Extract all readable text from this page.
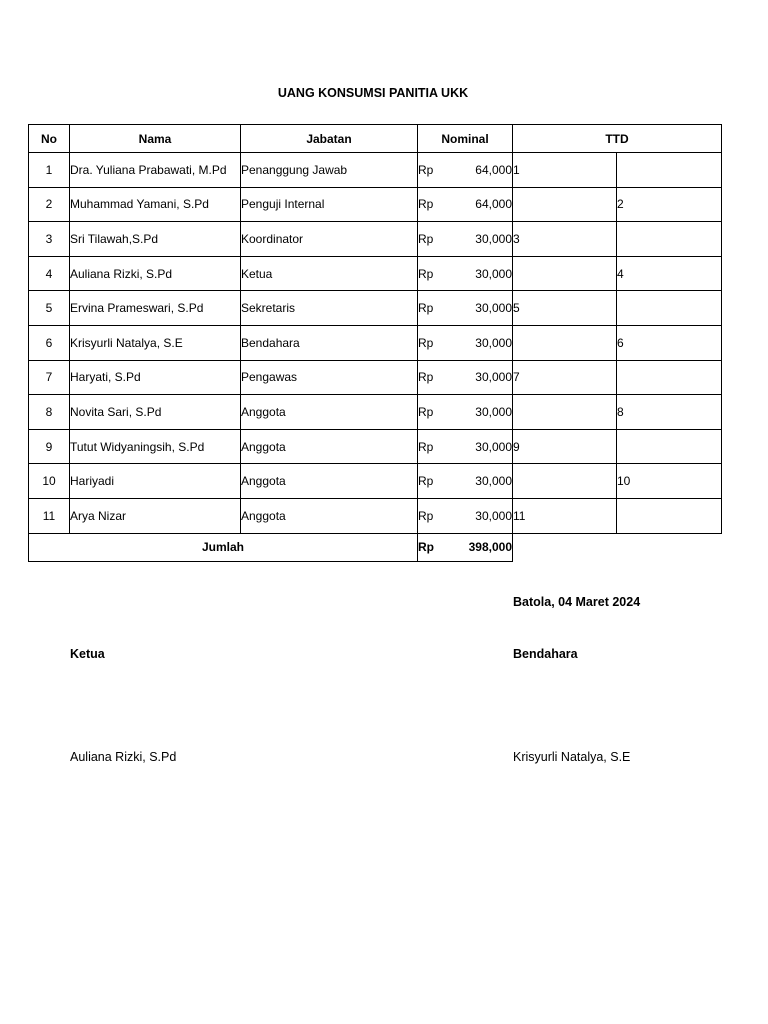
UANG KONSUMSI PANITIA UKK
No	Nama	Jabatan	Nominal		TTD	
1	Dra. Yuliana Prabawati, M.Pd	Penanggung Jawab	Rp	64,000	1	
2	Muhammad Yamani, S.Pd	Penguji Internal	Rp	64,000		2
3	Sri Tilawah,S.Pd	Koordinator	Rp	30,000	3	
4	Auliana Rizki, S.Pd	Ketua	Rp	30,000		4
5	Ervina Prameswari, S.Pd	Sekretaris	Rp	30,000	5	
6	Krisyurli Natalya, S.E	Bendahara	Rp	30,000		6
7	Haryati, S.Pd	Pengawas	Rp	30,000	7	
8	Novita Sari, S.Pd	Anggota	Rp	30,000		8
9	Tutut Widyaningsih, S.Pd	Anggota	Rp	30,000	9	
10	Hariyadi	Anggota	Rp	30,000		10
11	Arya Nizar	Anggota	Rp	30,000	11	
Jumlah			Rp	398,000		
Batola, 04 Maret 2024
Ketua	Bendahara
Auliana Rizki, S.Pd	Krisyurli Natalya, S.E
